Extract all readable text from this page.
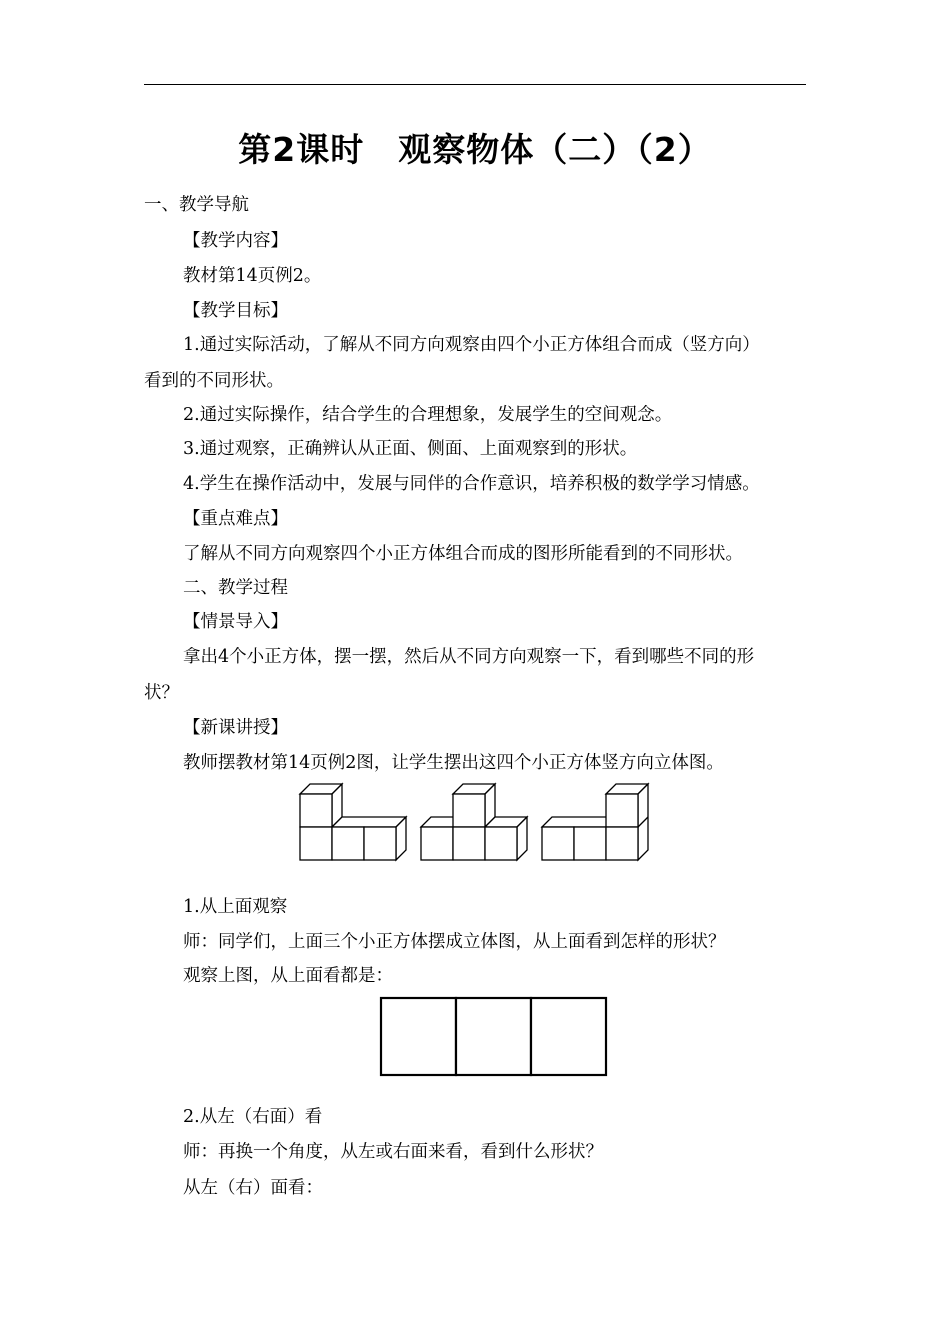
第2课时　观察物体（二）（2）
一、教学导航
【教学内容】
教材第14页例2。
【教学目标】
1.通过实际活动，了解从不同方向观察由四个小正方体组合而成（竖方向）
看到的不同形状。
2.通过实际操作，结合学生的合理想象，发展学生的空间观念。
3.通过观察，正确辨认从正面、侧面、上面观察到的形状。
4.学生在操作活动中，发展与同伴的合作意识，培养积极的数学学习情感。
【重点难点】
了解从不同方向观察四个小正方体组合而成的图形所能看到的不同形状。
二、教学过程
【情景导入】
拿出4个小正方体，摆一摆，然后从不同方向观察一下，看到哪些不同的形
状？
【新课讲授】
教师摆教材第14页例2图，让学生摆出这四个小正方体竖方向立体图。
1.从上面观察
师：同学们，上面三个小正方体摆成立体图，从上面看到怎样的形状？
观察上图，从上面看都是：
2.从左（右面）看
师：再换一个角度，从左或右面来看，看到什么形状？
从左（右）面看：
